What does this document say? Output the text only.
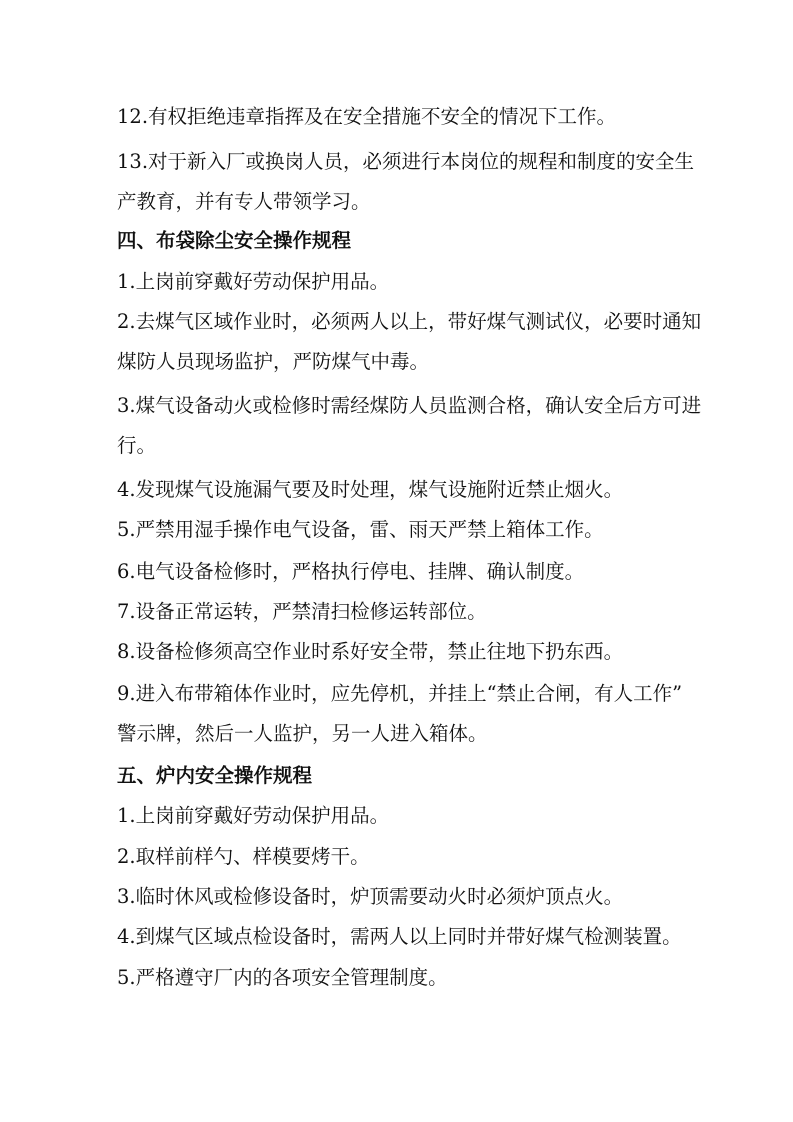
12.有权拒绝违章指挥及在安全措施不安全的情况下工作。
13.对于新入厂或换岗人员，必须进行本岗位的规程和制度的安全生
产教育，并有专人带领学习。
四、布袋除尘安全操作规程
1.上岗前穿戴好劳动保护用品。
2.去煤气区域作业时，必须两人以上，带好煤气测试仪，必要时通知
煤防人员现场监护，严防煤气中毒。
3.煤气设备动火或检修时需经煤防人员监测合格，确认安全后方可进
行。
4.发现煤气设施漏气要及时处理，煤气设施附近禁止烟火。
5.严禁用湿手操作电气设备，雷、雨天严禁上箱体工作。
6.电气设备检修时，严格执行停电、挂牌、确认制度。
7.设备正常运转，严禁清扫检修运转部位。
8.设备检修须高空作业时系好安全带，禁止往地下扔东西。
9.进入布带箱体作业时，应先停机，并挂上“禁止合闸，有人工作”
警示牌，然后一人监护，另一人进入箱体。
五、炉内安全操作规程
1.上岗前穿戴好劳动保护用品。
2.取样前样勺、样模要烤干。
3.临时休风或检修设备时，炉顶需要动火时必须炉顶点火。
4.到煤气区域点检设备时，需两人以上同时并带好煤气检测装置。
5.严格遵守厂内的各项安全管理制度。
